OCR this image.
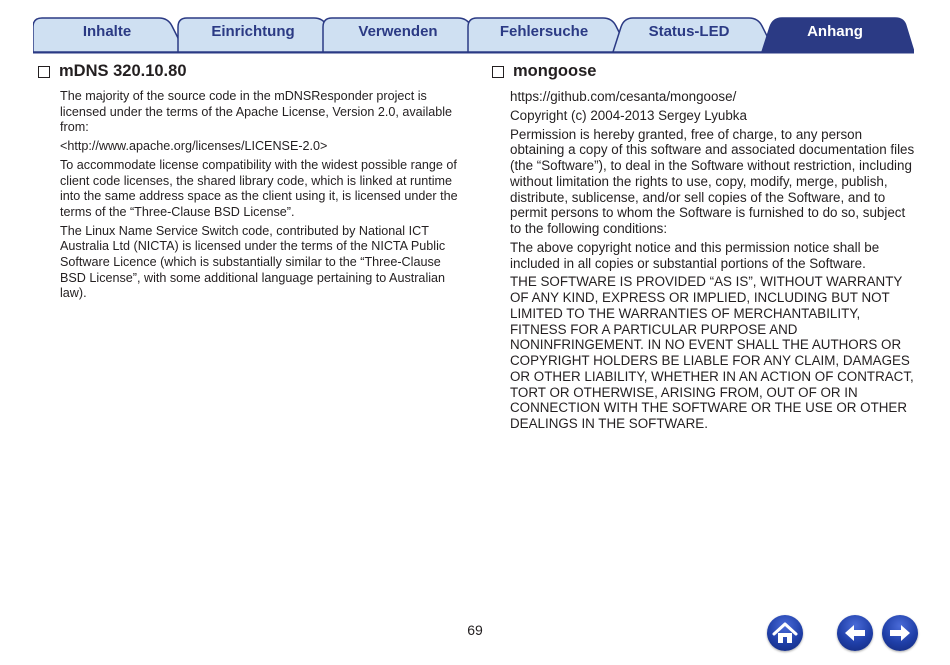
Inhalte	Einrichtung	Verwenden	Fehlersuche	Status-LED	Anhang
mDNS 320.10.80

The majority of the source code in the mDNSResponder project is licensed under the terms of the Apache License, Version 2.0, available from:

<http://www.apache.org/licenses/LICENSE-2.0>

To accommodate license compatibility with the widest possible range of client code licenses, the shared library code, which is linked at runtime into the same address space as the client using it, is licensed under the terms of the “Three-Clause BSD License”.

The Linux Name Service Switch code, contributed by National ICT Australia Ltd (NICTA) is licensed under the terms of the NICTA Public Software Licence (which is substantially similar to the “Three-Clause BSD License”, with some additional language pertaining to Australian law).

mongoose

https://github.com/cesanta/mongoose/

Copyright (c) 2004-2013 Sergey Lyubka

Permission is hereby granted, free of charge, to any person obtaining a copy of this software and associated documentation files (the “Software”), to deal in the Software without restriction, including without limitation the rights to use, copy, modify, merge, publish, distribute, sublicense, and/or sell copies of the Software, and to permit persons to whom the Software is furnished to do so, subject to the following conditions:

The above copyright notice and this permission notice shall be included in all copies or substantial portions of the Software.

THE SOFTWARE IS PROVIDED “AS IS”, WITHOUT WARRANTY OF ANY KIND, EXPRESS OR IMPLIED, INCLUDING BUT NOT LIMITED TO THE WARRANTIES OF MERCHANTABILITY, FITNESS FOR A PARTICULAR PURPOSE AND NONINFRINGEMENT. IN NO EVENT SHALL THE AUTHORS OR COPYRIGHT HOLDERS BE LIABLE FOR ANY CLAIM, DAMAGES OR OTHER LIABILITY, WHETHER IN AN ACTION OF CONTRACT, TORT OR OTHERWISE, ARISING FROM, OUT OF OR IN CONNECTION WITH THE SOFTWARE OR THE USE OR OTHER DEALINGS IN THE SOFTWARE.

69
